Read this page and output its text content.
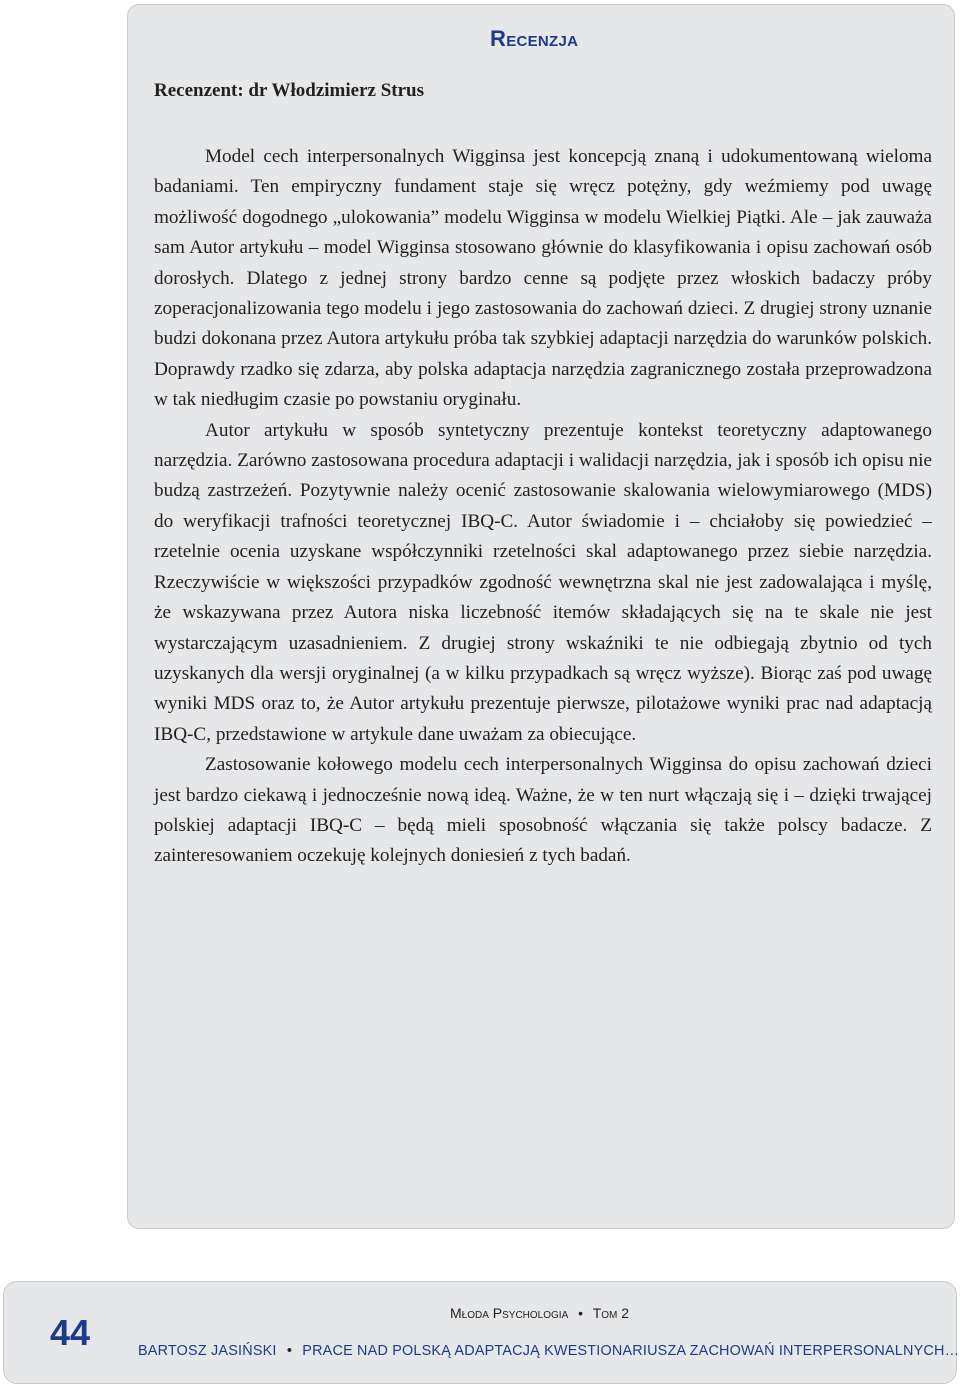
Recenzja
Recenzent: dr Włodzimierz Strus

Model cech interpersonalnych Wigginsa jest koncepcją znaną i udokumentowaną wieloma badaniami. Ten empiryczny fundament staje się wręcz potężny, gdy weźmiemy pod uwagę możliwość dogodnego „ulokowania” modelu Wigginsa w modelu Wielkiej Piątki. Ale – jak zauważa sam Autor artykułu – model Wigginsa stosowano głównie do klasyfikowania i opisu zachowań osób dorosłych. Dlatego z jednej strony bardzo cenne są podjęte przez włoskich badaczy próby zoperacjonalizowania tego modelu i jego zastosowania do zachowań dzieci. Z drugiej strony uznanie budzi dokonana przez Autora artykułu próba tak szybkiej adaptacji narzędzia do warunków polskich. Doprawdy rzadko się zdarza, aby polska adaptacja narzędzia zagranicznego została przeprowadzona w tak niedługim czasie po powstaniu oryginału.

Autor artykułu w sposób syntetyczny prezentuje kontekst teoretyczny adaptowanego narzędzia. Zarówno zastosowana procedura adaptacji i walidacji narzędzia, jak i sposób ich opisu nie budzą zastrzeżeń. Pozytywnie należy ocenić zastosowanie skalowania wielowymiarowego (MDS) do weryfikacji trafności teoretycznej IBQ-C. Autor świadomie i – chciałoby się powiedzieć – rzetelnie ocenia uzyskane współczynniki rzetelności skal adaptowanego przez siebie narzędzia. Rzeczywiście w większości przypadków zgodność wewnętrzna skal nie jest zadowalająca i myślę, że wskazywana przez Autora niska liczebność itemów składających się na te skale nie jest wystarczającym uzasadnieniem. Z drugiej strony wskaźniki te nie odbiegają zbytnio od tych uzyskanych dla wersji oryginalnej (a w kilku przypadkach są wręcz wyższe). Biorąc zaś pod uwagę wyniki MDS oraz to, że Autor artykułu prezentuje pierwsze, pilotażowe wyniki prac nad adaptacją IBQ-C, przedstawione w artykule dane uważam za obiecujące.

Zastosowanie kołowego modelu cech interpersonalnych Wigginsa do opisu zachowań dzieci jest bardzo ciekawą i jednocześnie nową ideą. Ważne, że w ten nurt włączają się i – dzięki trwającej polskiej adaptacji IBQ-C – będą mieli sposobność włączania się także polscy badacze. Z zainteresowaniem oczekuję kolejnych doniesień z tych badań.

44	Młoda Psychologia • Tom 2
BARTOSZ JASIŃSKI • PRACE NAD POLSKĄ ADAPTACJĄ KWESTIONARIUSZA ZACHOWAŃ INTERPERSONALNYCH…
